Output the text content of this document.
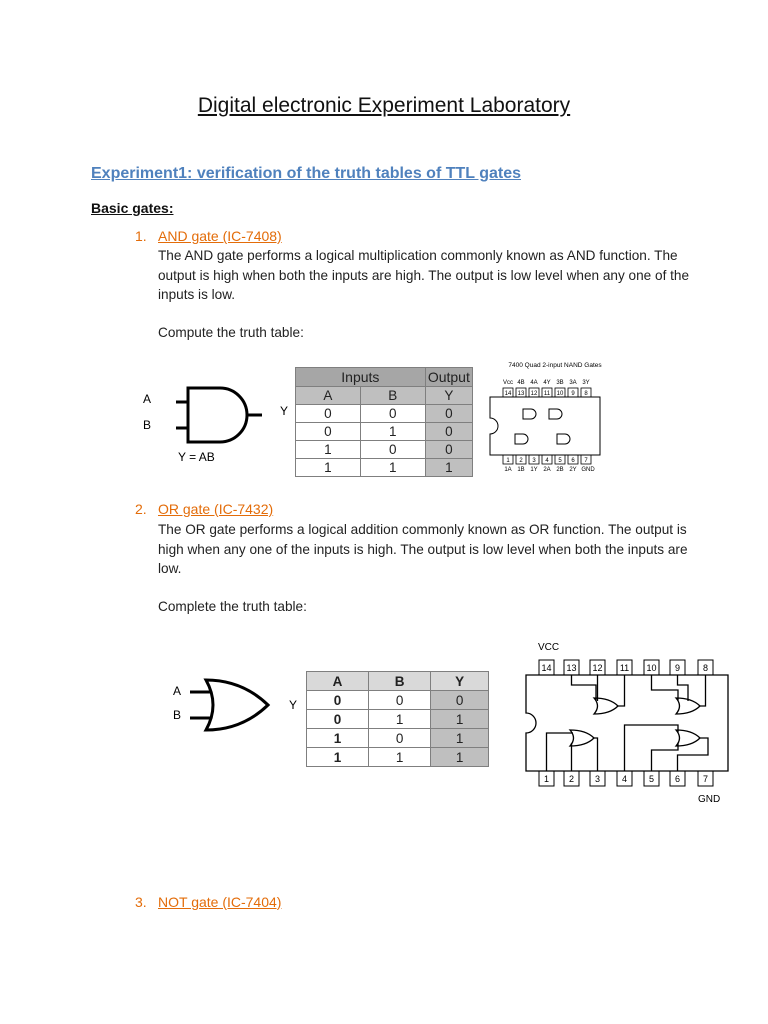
Digital electronic Experiment Laboratory
Experiment1: verification of the truth tables of TTL gates
Basic gates:
1. AND gate (IC-7408)
The AND gate performs a logical multiplication commonly known as AND function. The output is high when both the inputs are high. The output is low level when any one of the inputs is low.
Compute the truth table:
A
B
Y
Y = AB
Inputs		Output
A	B	Y
0	0	0
0	1	0
1	0	0
1	1	1
7400 Quad 2-input NAND Gates
Vcc 4B 4A 4Y 3B 3A 3Y
14 13 12 11 10 9 8
1 2 3 4 5 6 7
1A 1B 1Y 2A 2B 2Y GND
2. OR gate (IC-7432)
The OR gate performs a logical addition commonly known as OR function. The output is high when any one of the inputs is high. The output is low level when both the inputs are low.
Complete the truth table:
A
B
Y
A	B	Y
0	0	0
0	1	1
1	0	1
1	1	1
VCC
14 13 12 11 10 9	8
1 2 3 4 5 6	7
GND
3. NOT gate (IC-7404)
